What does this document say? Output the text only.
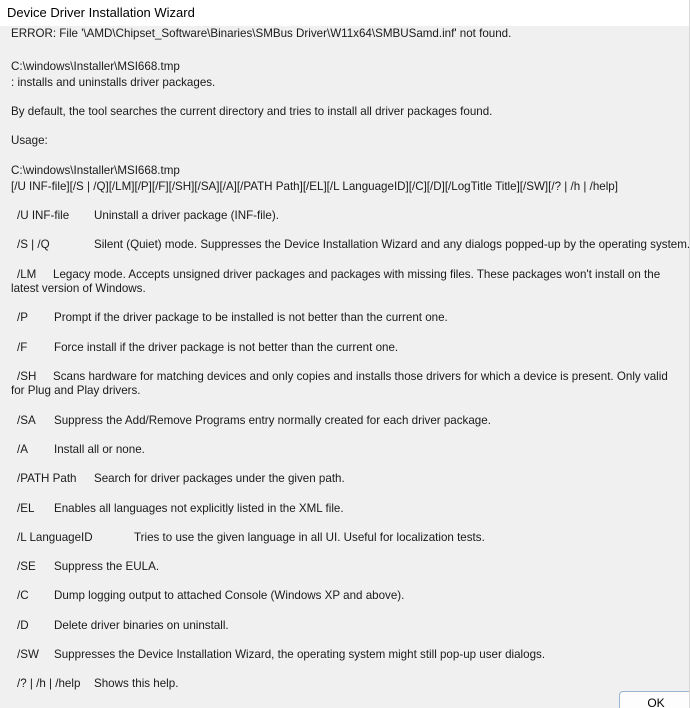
Device Driver Installation Wizard
ERROR: File '\AMD\Chipset_Software\Binaries\SMBus Driver\W11x64\SMBUSamd.inf' not found.
C:\windows\Installer\MSI668.tmp
: installs and uninstalls driver packages.
By default, the tool searches the current directory and tries to install all driver packages found.
Usage:
C:\windows\Installer\MSI668.tmp
[/U INF-file][/S | /Q][/LM][/P][/F][/SH][/SA][/A][/PATH Path][/EL][/L LanguageID][/C][/D][/LogTitle Title][/SW][/? | /h | /help]
/U INF-file Uninstall a driver package (INF-file).
/S | /Q	Silent (Quiet) mode. Suppresses the Device Installation Wizard and any dialogs popped-up by the operating system.
/LM Legacy mode. Accepts unsigned driver packages and packages with missing files. These packages won't install on the latest version of Windows.
/P Prompt if the driver package to be installed is not better than the current one.
/F Force install if the driver package is not better than the current one.
/SH Scans hardware for matching devices and only copies and installs those drivers for which a device is present. Only valid for Plug and Play drivers.
/SA Suppress the Add/Remove Programs entry normally created for each driver package.
/A Install all or none.
/PATH Path Search for driver packages under the given path.
/EL Enables all languages not explicitly listed in the XML file.
/L LanguageID	Tries to use the given language in all UI. Useful for localization tests.
/SE Suppress the EULA.
/C Dump logging output to attached Console (Windows XP and above).
/D Delete driver binaries on uninstall.
/SW Suppresses the Device Installation Wizard, the operating system might still pop-up user dialogs.
/? | /h | /help Shows this help.
OK
